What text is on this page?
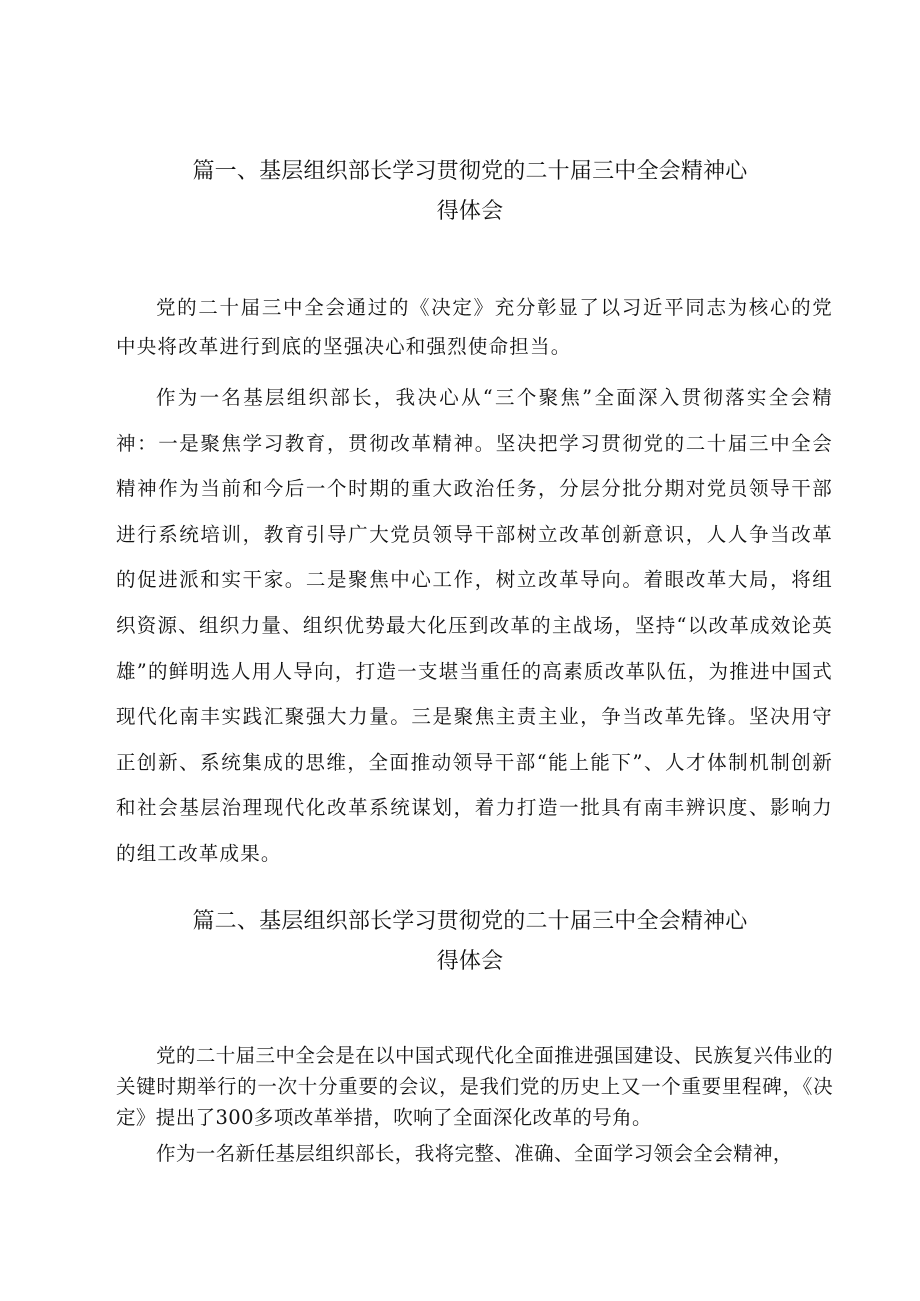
篇一、基层组织部长学习贯彻党的二十届三中全会精神心
得体会

党的二十届三中全会通过的《决定》充分彰显了以习近平同志为核心的党中央将改革进行到底的坚强决心和强烈使命担当。

作为一名基层组织部长，我决心从“三个聚焦”全面深入贯彻落实全会精神：一是聚焦学习教育，贯彻改革精神。坚决把学习贯彻党的二十届三中全会精神作为当前和今后一个时期的重大政治任务，分层分批分期对党员领导干部进行系统培训，教育引导广大党员领导干部树立改革创新意识，人人争当改革的促进派和实干家。二是聚焦中心工作，树立改革导向。着眼改革大局，将组织资源、组织力量、组织优势最大化压到改革的主战场，坚持“以改革成效论英雄”的鲜明选人用人导向，打造一支堪当重任的高素质改革队伍，为推进中国式现代化南丰实践汇聚强大力量。三是聚焦主责主业，争当改革先锋。坚决用守正创新、系统集成的思维，全面推动领导干部“能上能下”、人才体制机制创新和社会基层治理现代化改革系统谋划，着力打造一批具有南丰辨识度、影响力的组工改革成果。

篇二、基层组织部长学习贯彻党的二十届三中全会精神心
得体会

党的二十届三中全会是在以中国式现代化全面推进强国建设、民族复兴伟业的关键时期举行的一次十分重要的会议，是我们党的历史上又一个重要里程碑，《决定》提出了300多项改革举措，吹响了全面深化改革的号角。

作为一名新任基层组织部长，我将完整、准确、全面学习领会全会精神，
